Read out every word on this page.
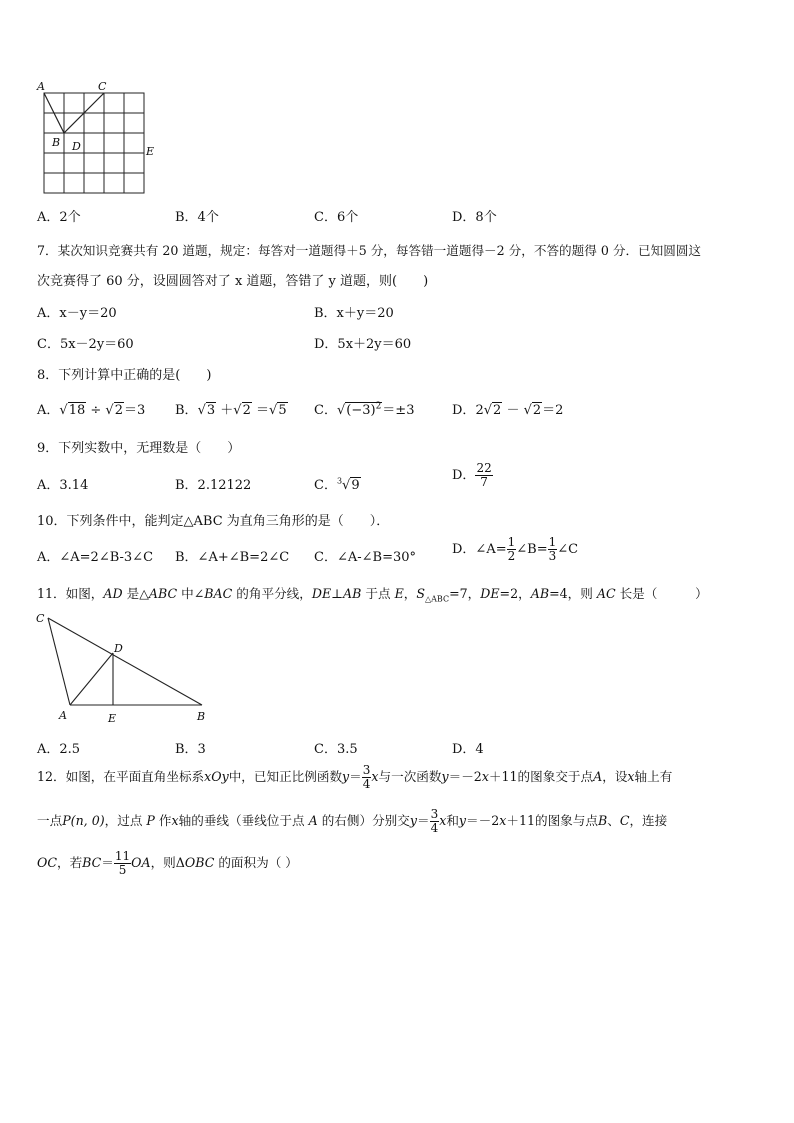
A	C
B D	E
A．2个	B．4个	C．6个	D．8个
7．某次知识竞赛共有 20 道题，规定：每答对一道题得＋5 分，每答错一道题得－2 分，不答的题得 0 分．已知圆圆这
次竞赛得了 60 分，设圆圆答对了 x 道题，答错了 y 道题，则(　　)
A．x－y＝20	B．x＋y＝20
C．5x－2y＝60	D．5x＋2y＝60
8．下列计算中正确的是(　　)
A．√18 ÷ √2＝3 B．√3 ＋√2 ＝√5 C．$√(-3)^2=\pm 3$	D．2√2 － √2＝2
9．下列实数中，无理数是（　　）
A．3.14	B．2.12122	C．$^3$√9
D． $\frac{22}{7}$
10．下列条件中，能判定△ABC 为直角三角形的是（　　）．
A．∠A=2∠B-3∠C B．∠A+∠B=2∠C C．∠A-∠B=30°
D．∠A= $\frac{1}{2}$ ∠B= $\frac{1}{3}$ ∠C
11．如图，AD 是△ABC 中∠BAC 的角平分线，DE⊥AB 于点 E，$S_{\triangle ABC}=7$，DE=2，AB=4，则 AC 长是（　　　）
C
D
A	E	B
A．2.5	B．3	C．3.5	D．4
12．如图，在平面直角坐标系xOy中，已知正比例函数$y= \frac{3}{4}$ x与一次函数y＝－2x＋11的图象交于点A，设x轴上有
一点P(n, 0)，过点 P 作x轴的垂线（垂线位于点 A 的右侧）分别交$y= \frac{3}{4}$ x和y＝－2x＋11的图象与点B、C，连接
OC，若$BC= \frac{11}{5}$ OA，则ΔOBC 的面积为（ ）
